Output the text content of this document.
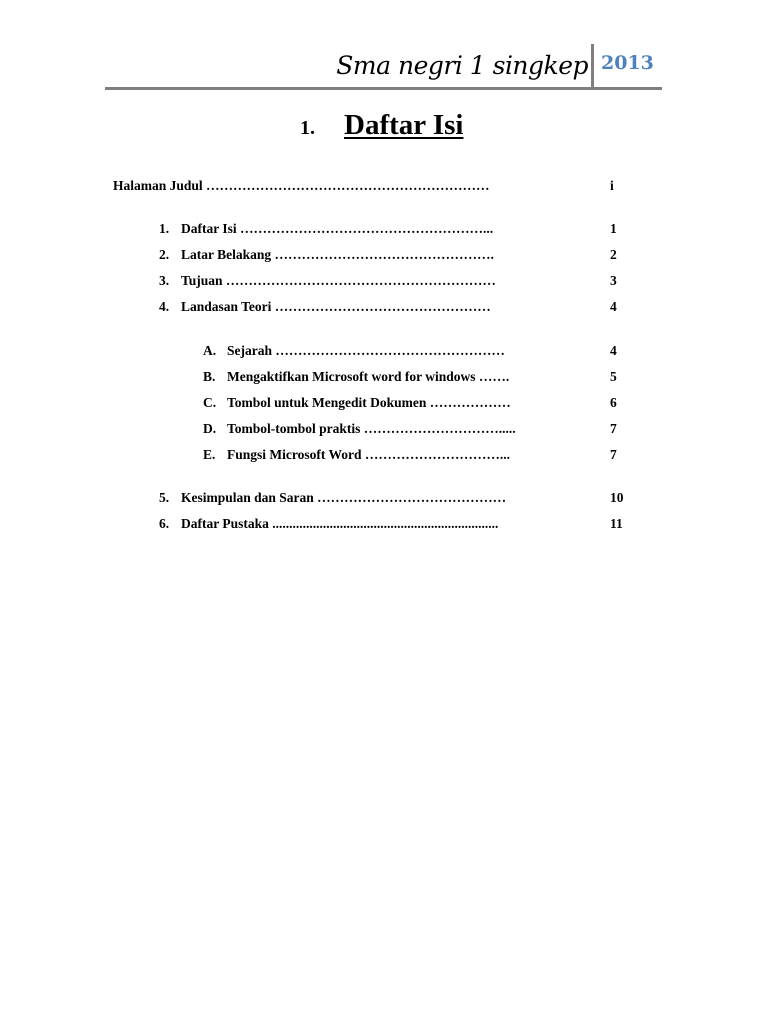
Sma negri 1 singkep 2013
1. Daftar Isi
Halaman Judul ………………………………………………………	i
1. Daftar Isi ………………………………………………...	1
2. Latar Belakang ………………………………………….	2
3. Tujuan ……………………………………………………	3
4. Landasan Teori …………………………………………	4
A. Sejarah ……………………………………………	4
B. Mengaktifkan Microsoft word for windows …….	5
C. Tombol untuk Mengedit Dokumen ………………	6
D. Tombol-tombol praktis ………………………….....	7
E. Fungsi Microsoft Word …………………………...	7
5. Kesimpulan dan Saran ……………………………………	10
6. Daftar Pustaka ...................................................................	11
